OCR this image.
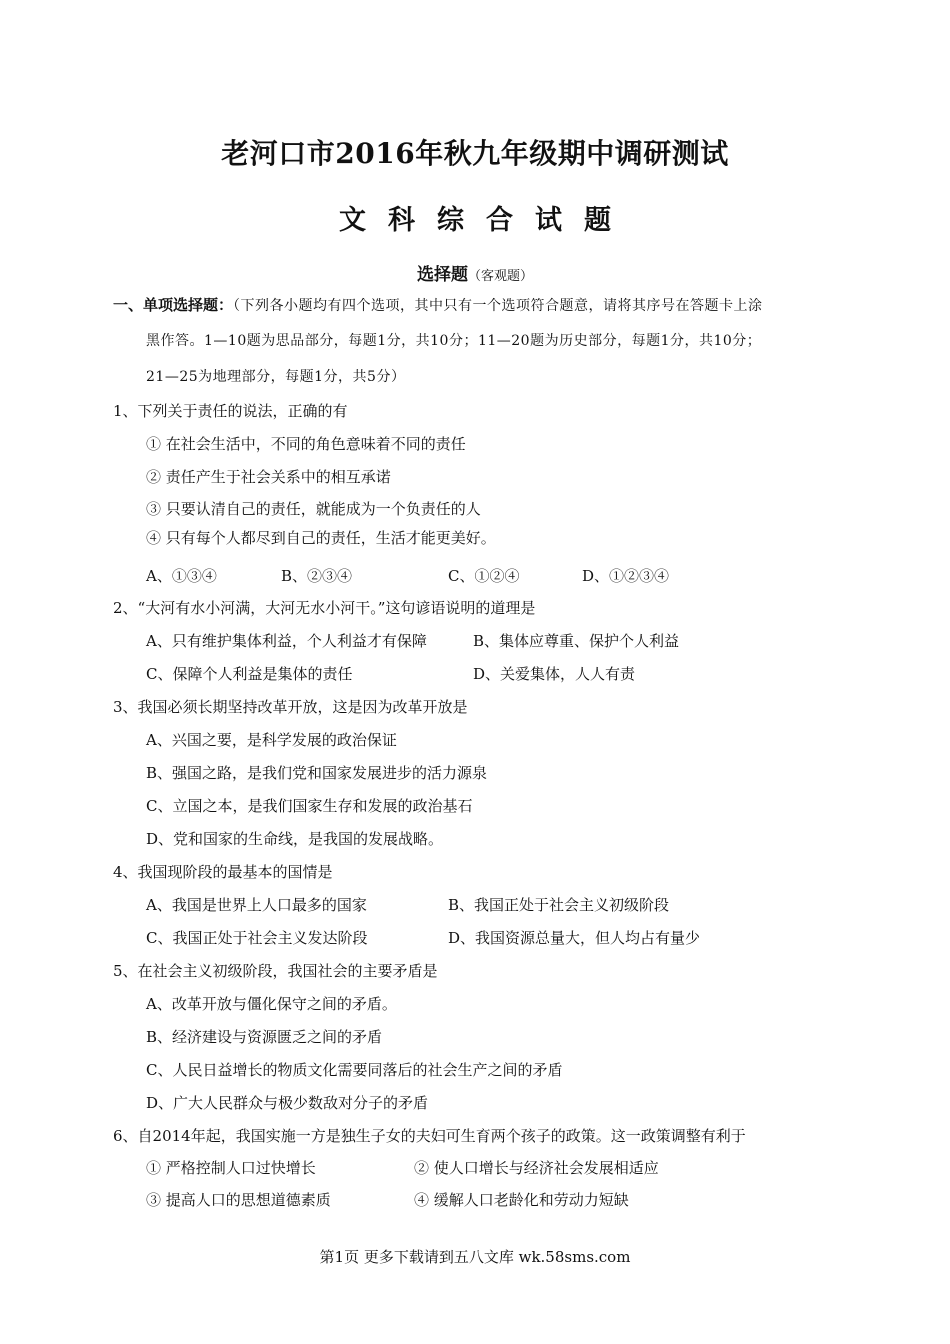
老河口市2016年秋九年级期中调研测试
文科综合试题
选择题（客观题）
一、单项选择题：（下列各小题均有四个选项，其中只有一个选项符合题意，请将其序号在答题卡上涂
黑作答。1—10题为思品部分，每题1分，共10分；11—20题为历史部分，每题1分，共10分；
21—25为地理部分，每题1分，共5分）
1、下列关于责任的说法，正确的有
① 在社会生活中，不同的角色意味着不同的责任
② 责任产生于社会关系中的相互承诺
③ 只要认清自己的责任，就能成为一个负责任的人
④ 只有每个人都尽到自己的责任，生活才能更美好。
A、①③④	B、②③④	C、①②④	D、①②③④
2、“大河有水小河满，大河无水小河干。”这句谚语说明的道理是
A、只有维护集体利益，个人利益才有保障	B、集体应尊重、保护个人利益
C、保障个人利益是集体的责任	D、关爱集体，人人有责
3、我国必须长期坚持改革开放，这是因为改革开放是
A、兴国之要，是科学发展的政治保证
B、强国之路，是我们党和国家发展进步的活力源泉
C、立国之本，是我们国家生存和发展的政治基石
D、党和国家的生命线，是我国的发展战略。
4、我国现阶段的最基本的国情是
A、我国是世界上人口最多的国家	B、我国正处于社会主义初级阶段
C、我国正处于社会主义发达阶段	D、我国资源总量大，但人均占有量少
5、在社会主义初级阶段，我国社会的主要矛盾是
A、改革开放与僵化保守之间的矛盾。
B、经济建设与资源匮乏之间的矛盾
C、人民日益增长的物质文化需要同落后的社会生产之间的矛盾
D、广大人民群众与极少数敌对分子的矛盾
6、自2014年起，我国实施一方是独生子女的夫妇可生育两个孩子的政策。这一政策调整有利于
① 严格控制人口过快增长	② 使人口增长与经济社会发展相适应
③ 提高人口的思想道德素质	④ 缓解人口老龄化和劳动力短缺
第1页 更多下载请到五八文库 wk.58sms.com
